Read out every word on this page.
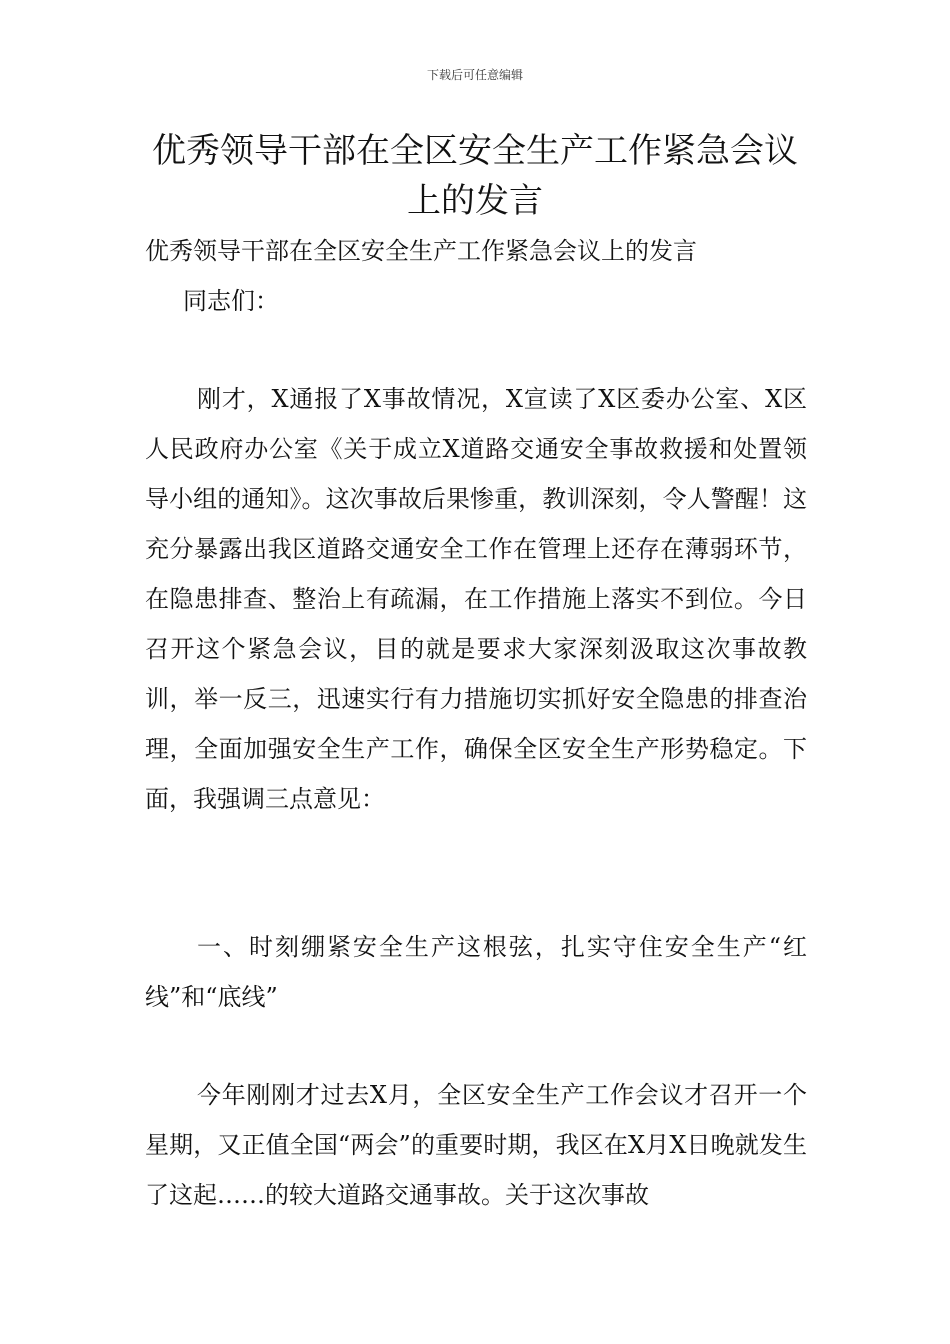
下载后可任意编辑
优秀领导干部在全区安全生产工作紧急会议上的发言

优秀领导干部在全区安全生产工作紧急会议上的发言

同志们：

刚才，X通报了X事故情况，X宣读了X区委办公室、X区人民政府办公室《关于成立X道路交通安全事故救援和处置领导小组的通知》。这次事故后果惨重，教训深刻，令人警醒！这充分暴露出我区道路交通安全工作在管理上还存在薄弱环节，在隐患排查、整治上有疏漏，在工作措施上落实不到位。今日召开这个紧急会议，目的就是要求大家深刻汲取这次事故教训，举一反三，迅速实行有力措施切实抓好安全隐患的排查治理，全面加强安全生产工作，确保全区安全生产形势稳定。下面，我强调三点意见：

一、时刻绷紧安全生产这根弦，扎实守住安全生产“红线”和“底线”

今年刚刚才过去X月，全区安全生产工作会议才召开一个星期，又正值全国“两会”的重要时期，我区在X月X日晚就发生了这起……的较大道路交通事故。关于这次事故
